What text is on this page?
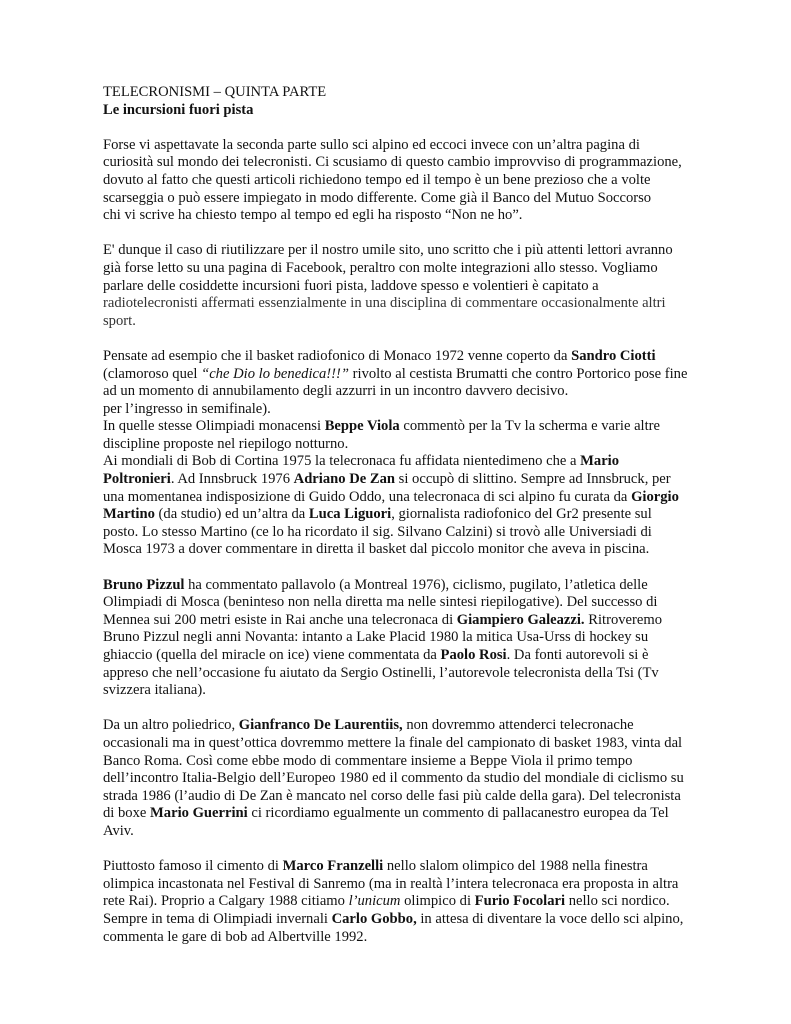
TELECRONISMI – QUINTA PARTE

Le incursioni fuori pista

Forse vi aspettavate la seconda parte sullo sci alpino ed eccoci invece con un’altra pagina di
curiosità sul mondo dei telecronisti. Ci scusiamo di questo cambio improvviso di programmazione,
dovuto al fatto che questi articoli richiedono tempo ed il tempo è un bene prezioso che a volte
scarseggia o può essere impiegato in modo differente. Come già il Banco del Mutuo Soccorso
chi vi scrive ha chiesto tempo al tempo ed egli ha risposto “Non ne ho”.
E' dunque il caso di riutilizzare per il nostro umile sito, uno scritto che i più attenti lettori avranno
già forse letto su una pagina di Facebook, peraltro con molte integrazioni allo stesso. Vogliamo
parlare delle cosiddette incursioni fuori pista, laddove spesso e volentieri è capitato a
radiotelecronisti affermati essenzialmente in una disciplina di commentare occasionalmente altri
sport.
Pensate ad esempio che il basket radiofonico di Monaco 1972 venne coperto da Sandro Ciotti
(clamoroso quel “che Dio lo benedica!!!” rivolto al cestista Brumatti che contro Portorico pose fine
ad un momento di annubilamento degli azzurri in un incontro davvero decisivo.
per l’ingresso in semifinale).
In quelle stesse Olimpiadi monacensi Beppe Viola commentò per la Tv la scherma e varie altre
discipline proposte nel riepilogo notturno.
Ai mondiali di Bob di Cortina 1975 la telecronaca fu affidata nientedimeno che a Mario
Poltronieri. Ad Innsbruck 1976 Adriano De Zan si occupò di slittino. Sempre ad Innsbruck, per
una momentanea indisposizione di Guido Oddo, una telecronaca di sci alpino fu curata da Giorgio
Martino (da studio) ed un’altra da Luca Liguori, giornalista radiofonico del Gr2 presente sul
posto. Lo stesso Martino (ce lo ha ricordato il sig. Silvano Calzini) si trovò alle Universiadi di
Mosca 1973 a dover commentare in diretta il basket dal piccolo monitor che aveva in piscina.
Bruno Pizzul ha commentato pallavolo (a Montreal 1976), ciclismo, pugilato, l’atletica delle
Olimpiadi di Mosca (beninteso non nella diretta ma nelle sintesi riepilogative). Del successo di
Mennea sui 200 metri esiste in Rai anche una telecronaca di Giampiero Galeazzi. Ritroveremo
Bruno Pizzul negli anni Novanta: intanto a Lake Placid 1980 la mitica Usa-Urss di hockey su
ghiaccio (quella del miracle on ice) viene commentata da Paolo Rosi. Da fonti autorevoli si è
appreso che nell’occasione fu aiutato da Sergio Ostinelli, l’autorevole telecronista della Tsi (Tv
svizzera italiana).
Da un altro poliedrico, Gianfranco De Laurentiis, non dovremmo attenderci telecronache
occasionali ma in quest’ottica dovremmo mettere la finale del campionato di basket 1983, vinta dal
Banco Roma. Così come ebbe modo di commentare insieme a Beppe Viola il primo tempo
dell’incontro Italia-Belgio dell’Europeo 1980 ed il commento da studio del mondiale di ciclismo su
strada 1986 (l’audio di De Zan è mancato nel corso delle fasi più calde della gara). Del telecronista
di boxe Mario Guerrini ci ricordiamo egualmente un commento di pallacanestro europea da Tel
Aviv.
Piuttosto famoso il cimento di Marco Franzelli nello slalom olimpico del 1988 nella finestra
olimpica incastonata nel Festival di Sanremo (ma in realtà l’intera telecronaca era proposta in altra
rete Rai). Proprio a Calgary 1988 citiamo l’unicum olimpico di Furio Focolari nello sci nordico.
Sempre in tema di Olimpiadi invernali Carlo Gobbo, in attesa di diventare la voce dello sci alpino,
commenta le gare di bob ad Albertville 1992.
